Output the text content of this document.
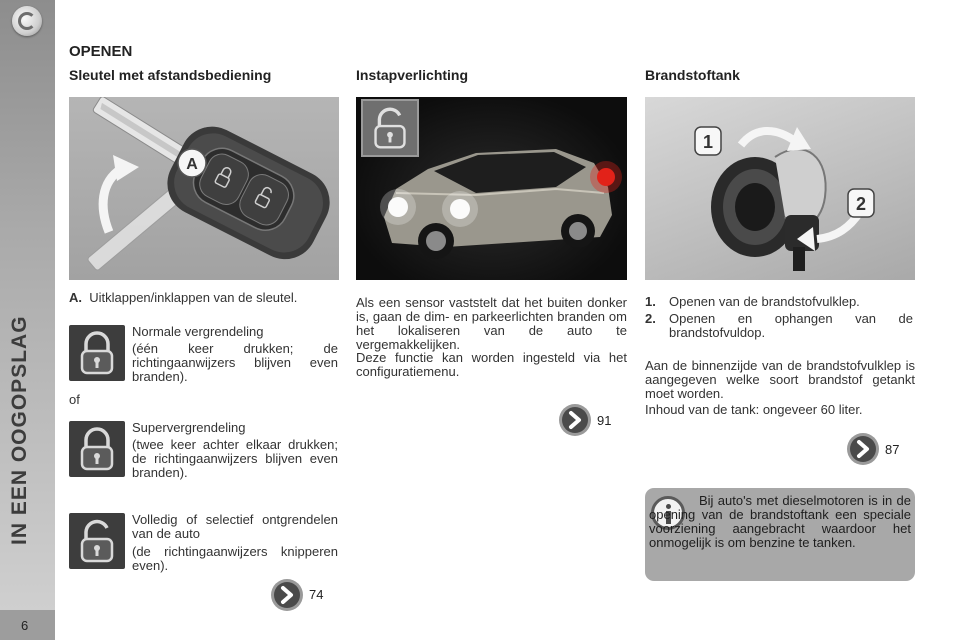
IN EEN OOGOPSLAG
6
OPENEN
Sleutel met afstandsbediening
A
A. Uitklappen/inklappen van de sleutel.
Normale vergrendeling
(één keer drukken; de richtingaanwijzers blijven even branden).
of
Supervergrendeling
(twee keer achter elkaar drukken; de richtingaanwijzers blijven even branden).
Volledig of selectief ontgrendelen van de auto
(de richtingaanwijzers knipperen even).
74
Instapverlichting
Als een sensor vaststelt dat het buiten donker is, gaan de dim- en parkeerlichten branden om het lokaliseren van de auto te vergemakkelijken.
Deze functie kan worden ingesteld via het configuratiemenu.
91
Brandstoftank
1
2
1. Openen van de brandstofvulklep.
2.	Openen en ophangen van de brandstofvuldop.
Aan de binnenzijde van de brandstofvulklep is aangegeven welke soort brandstof getankt moet worden.
Inhoud van de tank: ongeveer 60 liter.
87
Bij auto's met dieselmotoren is in de opening van de brandstoftank een speciale voorziening aangebracht waardoor het onmogelijk is om benzine te tanken.
